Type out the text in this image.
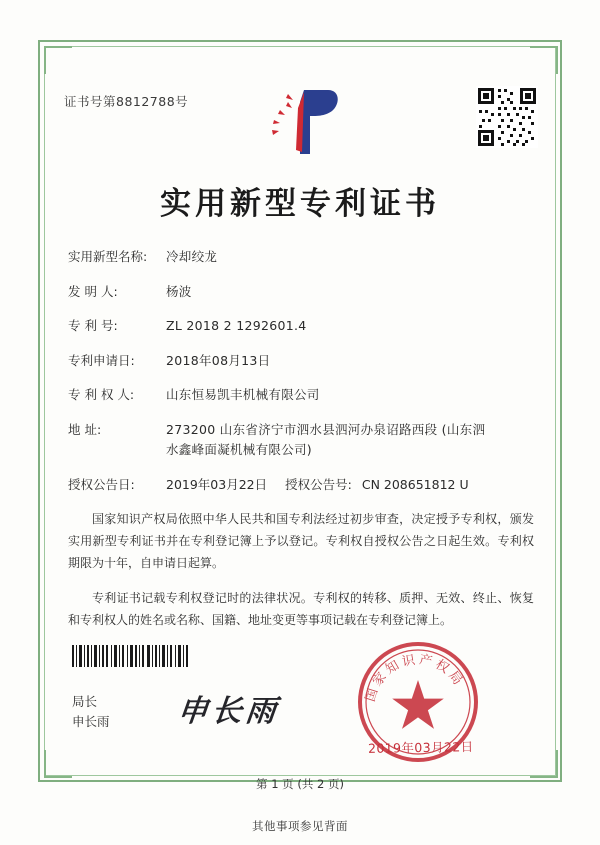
证书号第8812788号
实用新型专利证书
实用新型名称:	冷却绞龙
发 明 人:	杨波
专 利 号:	ZL 2018 2 1292601.4
专利申请日:	2018年08月13日
专 利 权 人:	山东恒易凯丰机械有限公司
地 址:	273200 山东省济宁市泗水县泗河办泉诏路西段 (山东泗
水鑫峰面凝机械有限公司)
授权公告日:	2019年03月22日 授权公告号: CN 208651812 U

国家知识产权局依照中华人民共和国专利法经过初步审查，决定授予专利权，颁发实用新型专利证书并在专利登记簿上予以登记。专利权自授权公告之日起生效。专利权期限为十年，自申请日起算。

专利证书记载专利权登记时的法律状况。专利权的转移、质押、无效、终止、恢复和专利权人的姓名或名称、国籍、地址变更等事项记载在专利登记簿上。

局长
申长雨 申长雨
国家知识产权局
2019年03月22日
第 1 页 (共 2 页)
其他事项参见背面
